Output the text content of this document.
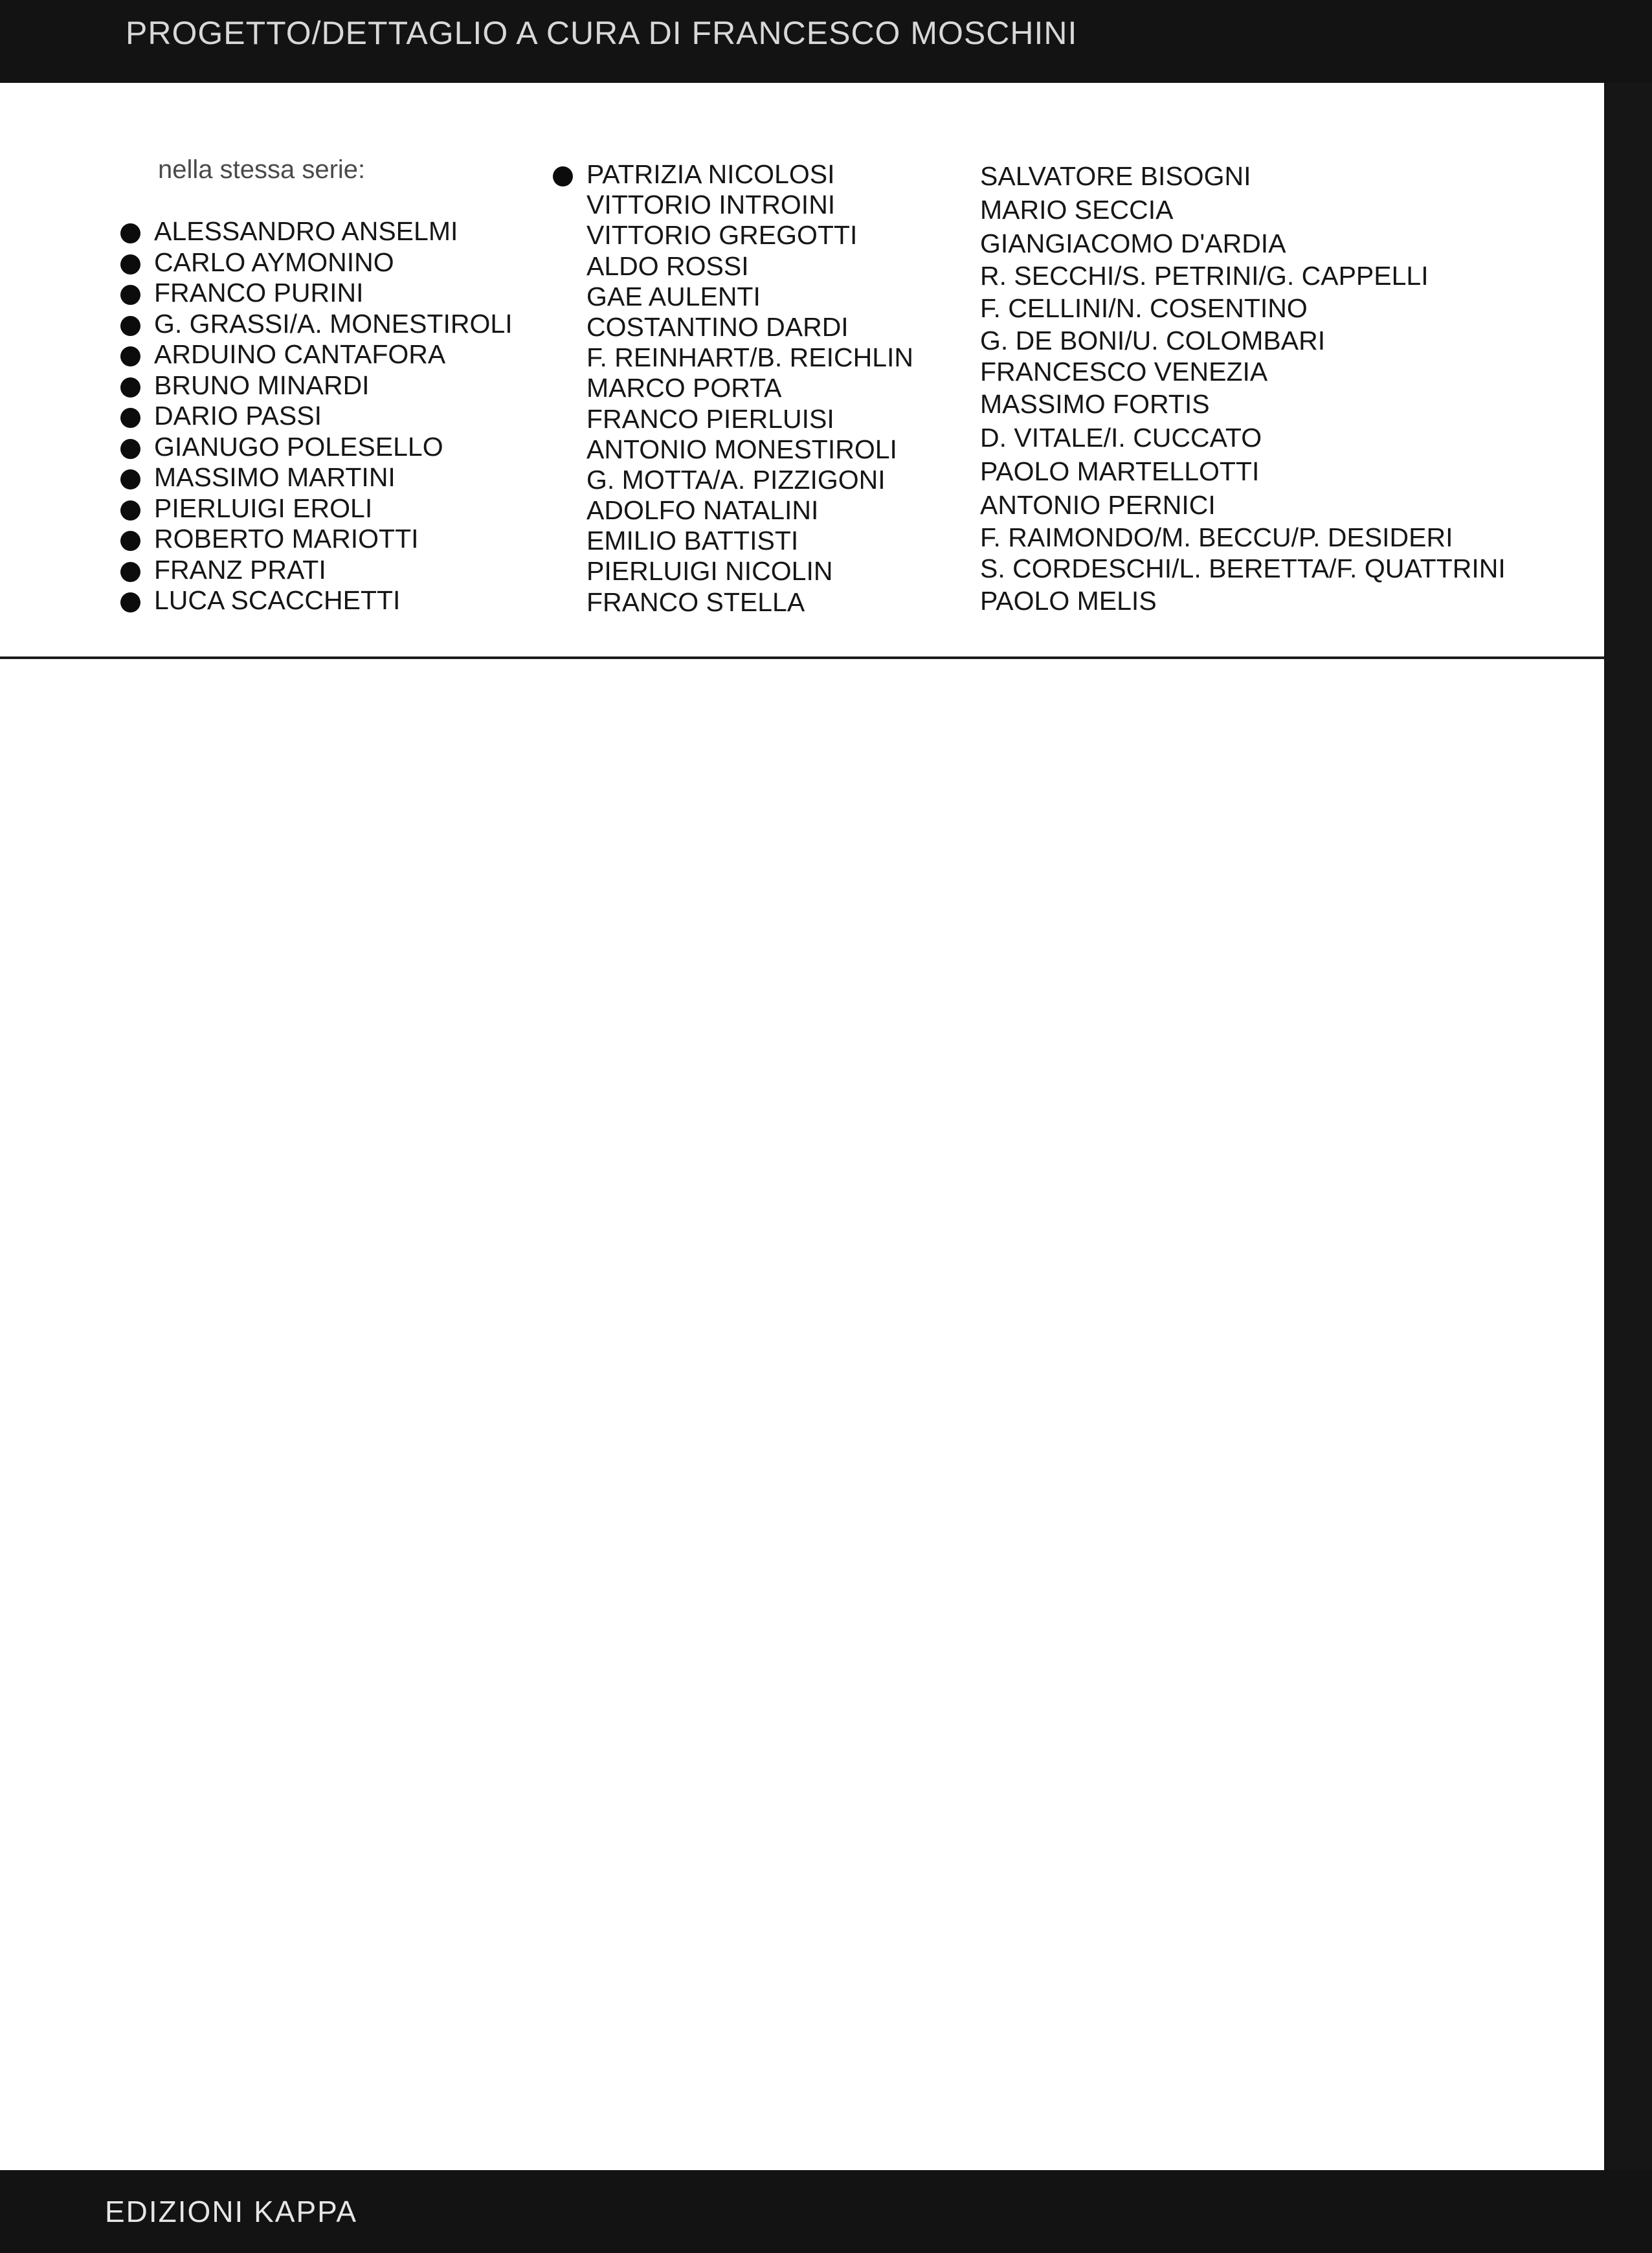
PROGETTO/DETTAGLIO A CURA DI FRANCESCO MOSCHINI
nella stessa serie:
ALESSANDRO ANSELMI
CARLO AYMONINO
FRANCO PURINI
G. GRASSI/A. MONESTIROLI
ARDUINO CANTAFORA
BRUNO MINARDI
DARIO PASSI
GIANUGO POLESELLO
MASSIMO MARTINI
PIERLUIGI EROLI
ROBERTO MARIOTTI
FRANZ PRATI
LUCA SCACCHETTI
PATRIZIA NICOLOSI
VITTORIO INTROINI
VITTORIO GREGOTTI
ALDO ROSSI
GAE AULENTI
COSTANTINO DARDI
F. REINHART/B. REICHLIN
MARCO PORTA
FRANCO PIERLUISI
ANTONIO MONESTIROLI
G. MOTTA/A. PIZZIGONI
ADOLFO NATALINI
EMILIO BATTISTI
PIERLUIGI NICOLIN
FRANCO STELLA
SALVATORE BISOGNI
MARIO SECCIA
GIANGIACOMO D'ARDIA
R. SECCHI/S. PETRINI/G. CAPPELLI
F. CELLINI/N. COSENTINO
G. DE BONI/U. COLOMBARI
FRANCESCO VENEZIA
MASSIMO FORTIS
D. VITALE/I. CUCCATO
PAOLO MARTELLOTTI
ANTONIO PERNICI
F. RAIMONDO/M. BECCU/P. DESIDERI
S. CORDESCHI/L. BERETTA/F. QUATTRINI
PAOLO MELIS
EDIZIONI KAPPA
